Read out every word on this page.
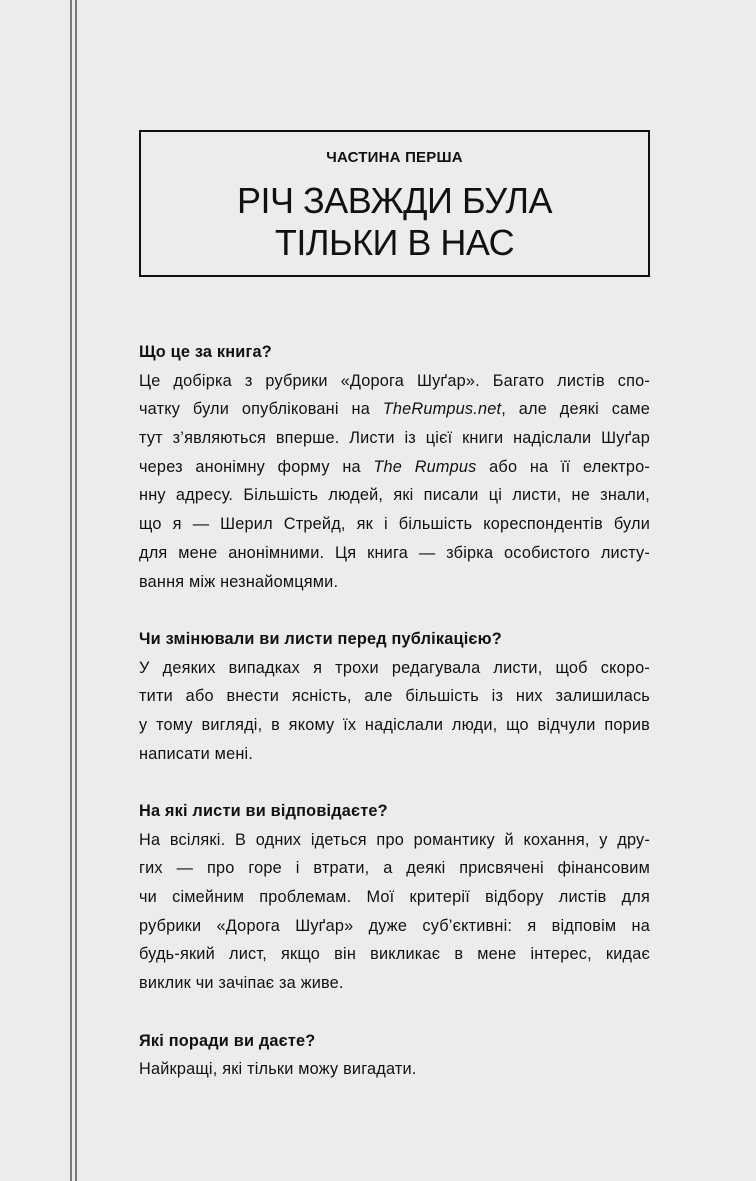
ЧАСТИНА ПЕРША
РІЧ ЗАВЖДИ БУЛА
ТІЛЬКИ В НАС
Що це за книга?
Це добірка з рубрики «Дорога Шуґар». Багато листів спо-
чатку були опубліковані на TheRumpus.net, але деякі саме
тут з’являються вперше. Листи із цієї книги надіслали Шуґар
через анонімну форму на The Rumpus або на її електро-
нну адресу. Більшість людей, які писали ці листи, не знали,
що я — Шерил Стрейд, як і більшість кореспондентів були
для мене анонімними. Ця книга — збірка особистого листу-
вання між незнайомцями.
Чи змінювали ви листи перед публікацією?
У деяких випадках я трохи редагувала листи, щоб скоро-
тити або внести ясність, але більшість із них залишилась
у тому вигляді, в якому їх надіслали люди, що відчули порив
написати мені.
На які листи ви відповідаєте?
На всілякі. В одних ідеться про романтику й кохання, у дру-
гих — про горе і втрати, а деякі присвячені фінансовим
чи сімейним проблемам. Мої критерії відбору листів для
рубрики «Дорога Шуґар» дуже суб’єктивні: я відповім на
будь-який лист, якщо він викликає в мене інтерес, кидає
виклик чи зачіпає за живе.
Які поради ви даєте?
Найкращі, які тільки можу вигадати.
